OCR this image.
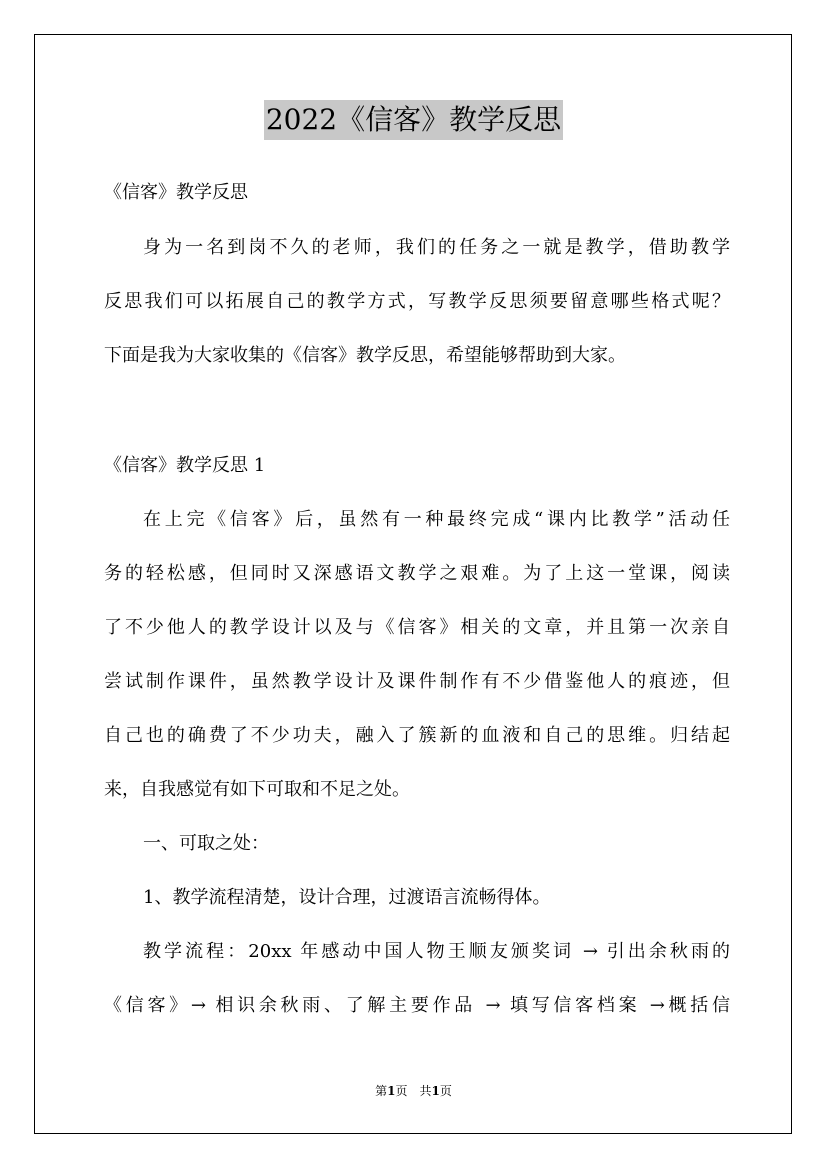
2022《信客》教学反思
《信客》教学反思
身为一名到岗不久的老师，我们的任务之一就是教学，借助教学
反思我们可以拓展自己的教学方式，写教学反思须要留意哪些格式呢？
下面是我为大家收集的《信客》教学反思，希望能够帮助到大家。
《信客》教学反思 1
在上完《信客》后，虽然有一种最终完成“课内比教学”活动任
务的轻松感，但同时又深感语文教学之艰难。为了上这一堂课，阅读
了不少他人的教学设计以及与《信客》相关的文章，并且第一次亲自
尝试制作课件，虽然教学设计及课件制作有不少借鉴他人的痕迹，但
自己也的确费了不少功夫，融入了簇新的血液和自己的思维。归结起
来，自我感觉有如下可取和不足之处。
一、可取之处：
1、教学流程清楚，设计合理，过渡语言流畅得体。
教学流程：20xx 年感动中国人物王顺友颁奖词 → 引出余秋雨的
《信客》→ 相识余秋雨、了解主要作品 → 填写信客档案 →概括信
第1页　共1页
